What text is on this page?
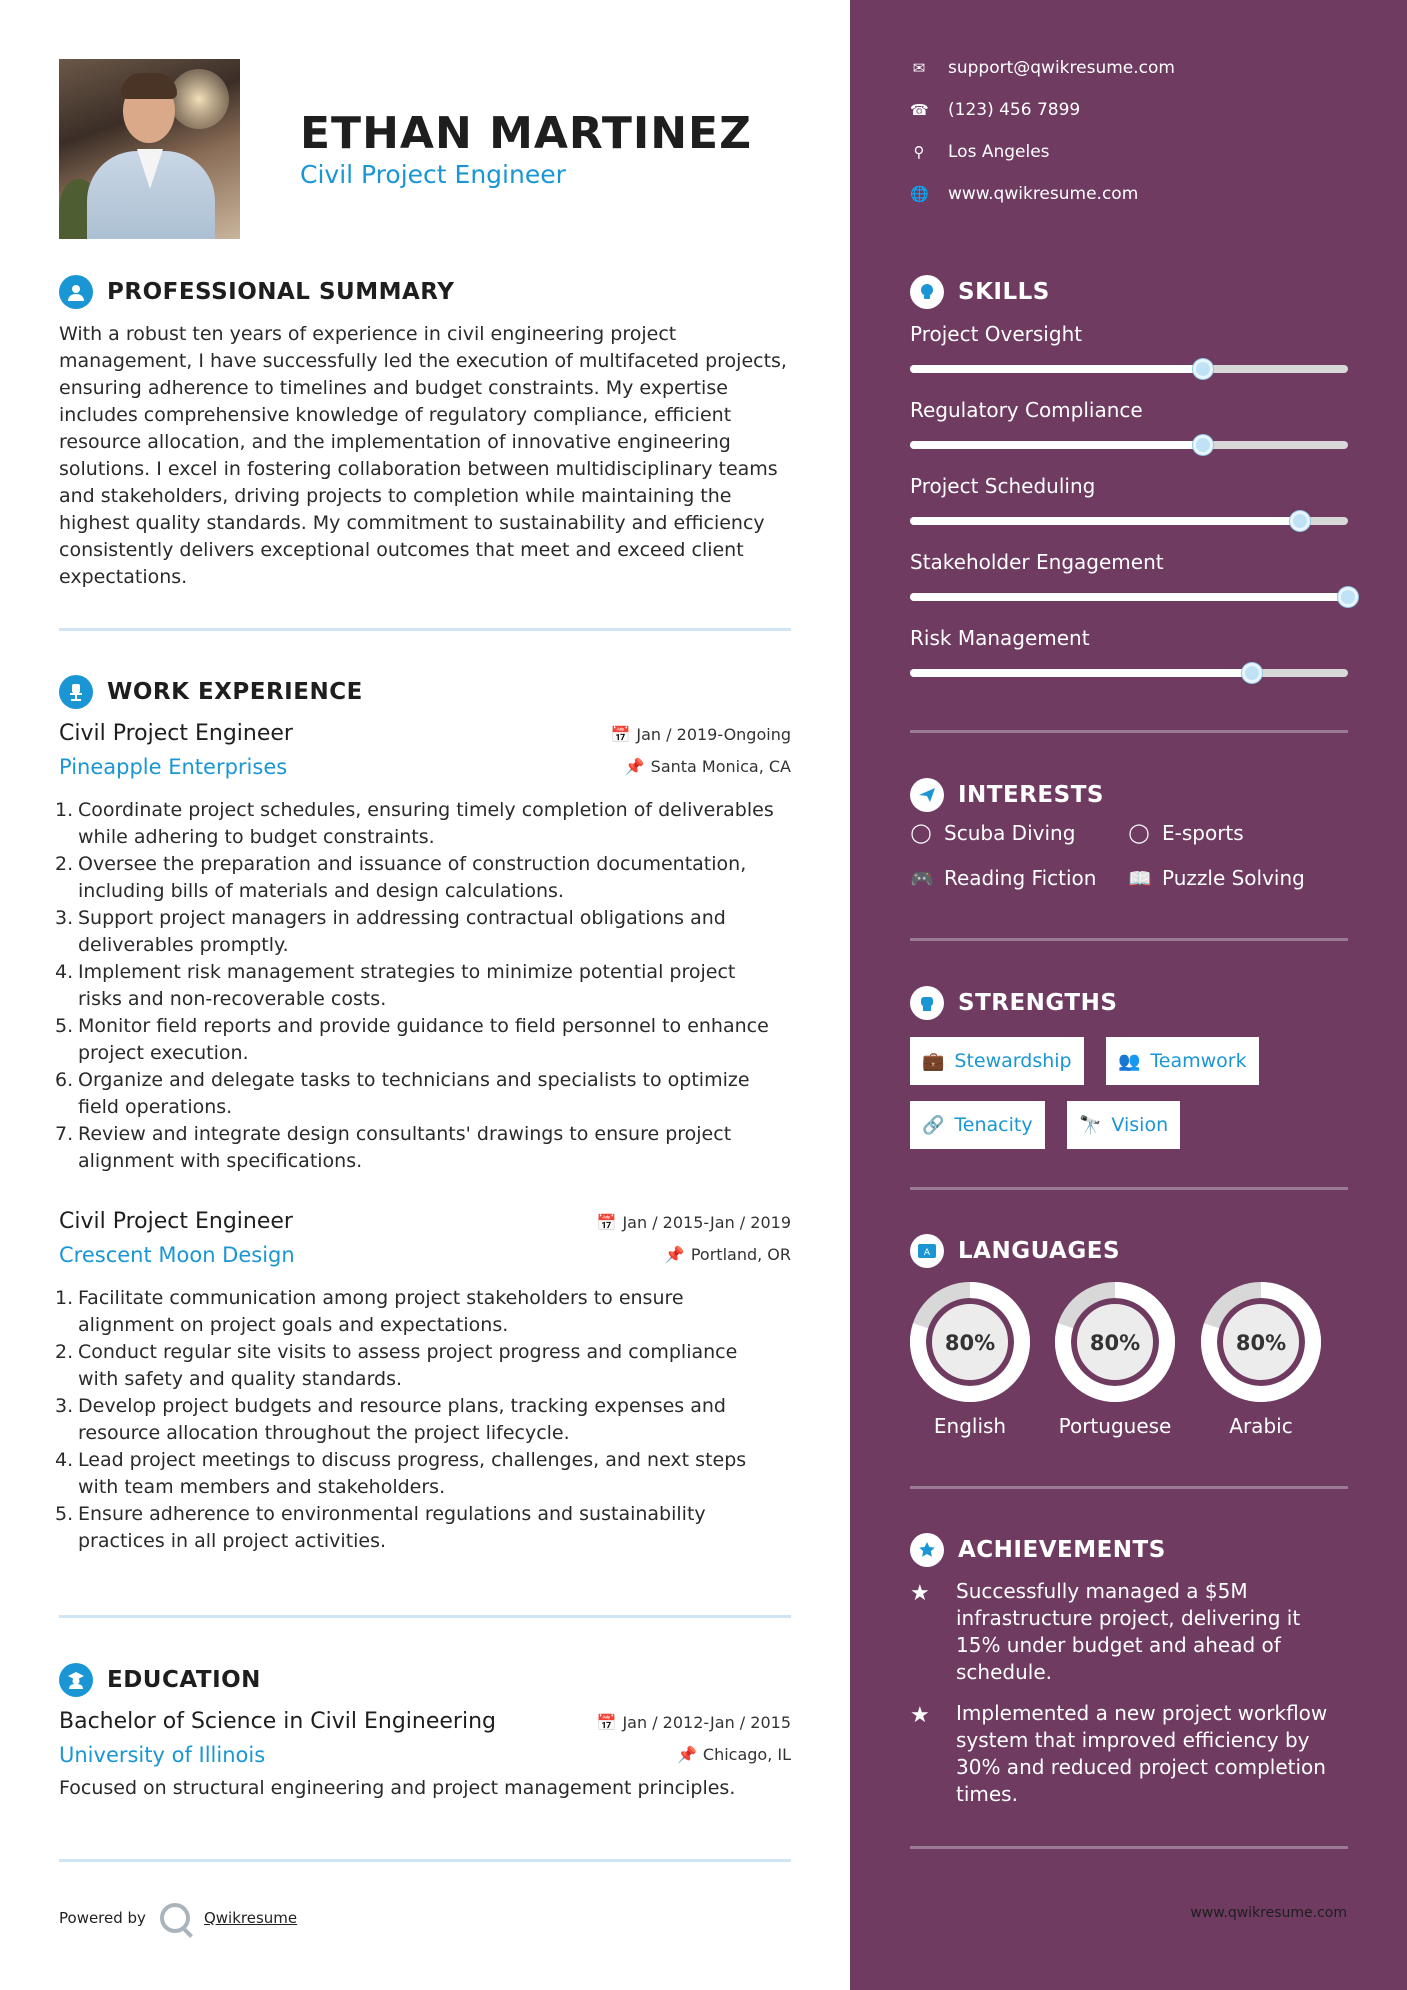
ETHAN MARTINEZ
Civil Project Engineer
PROFESSIONAL SUMMARY
With a robust ten years of experience in civil engineering project management, I have successfully led the execution of multifaceted projects, ensuring adherence to timelines and budget constraints. My expertise includes comprehensive knowledge of regulatory compliance, efficient resource allocation, and the implementation of innovative engineering solutions. I excel in fostering collaboration between multidisciplinary teams and stakeholders, driving projects to completion while maintaining the highest quality standards. My commitment to sustainability and efficiency consistently delivers exceptional outcomes that meet and exceed client expectations.
WORK EXPERIENCE
Civil Project Engineer
Pineapple Enterprises
📅 Jan / 2019-Ongoing
📌 Santa Monica, CA
1. Coordinate project schedules, ensuring timely completion of deliverables
while adhering to budget constraints.
2. Oversee the preparation and issuance of construction documentation,
including bills of materials and design calculations.
3. Support project managers in addressing contractual obligations and
deliverables promptly.
4. Implement risk management strategies to minimize potential project
risks and non-recoverable costs.
5. Monitor field reports and provide guidance to field personnel to enhance
project execution.
6. Organize and delegate tasks to technicians and specialists to optimize
field operations.
7. Review and integrate design consultants' drawings to ensure project
alignment with specifications.
Civil Project Engineer
Crescent Moon Design
📅 Jan / 2015-Jan / 2019
📌 Portland, OR
1. Facilitate communication among project stakeholders to ensure
alignment on project goals and expectations.
2. Conduct regular site visits to assess project progress and compliance
with safety and quality standards.
3. Develop project budgets and resource plans, tracking expenses and
resource allocation throughout the project lifecycle.
4. Lead project meetings to discuss progress, challenges, and next steps
with team members and stakeholders.
5. Ensure adherence to environmental regulations and sustainability
practices in all project activities.
EDUCATION
Bachelor of Science in Civil Engineering
University of Illinois
📅 Jan / 2012-Jan / 2015
📌 Chicago, IL
Focused on structural engineering and project management principles.
Powered by	Qwikresume
✉ support@qwikresume.com
☎ (123) 456 7899
⚲ Los Angeles
🌐 www.qwikresume.com
SKILLS
Project Oversight
Regulatory Compliance
Project Scheduling
Stakeholder Engagement
Risk Management
INTERESTS
◯ Scuba Diving	◯ E-sports
🎮 Reading Fiction 📖 Puzzle Solving
STRENGTHS
💼 Stewardship	👥 Teamwork
🔗 Tenacity	🔭 Vision
A LANGUAGES
80%
English
80%
Portuguese
80%
Arabic
ACHIEVEMENTS
★	Successfully managed a $5M
infrastructure project, delivering it
15% under budget and ahead of
schedule.
★	Implemented a new project workflow
system that improved efficiency by
30% and reduced project completion
times.
www.qwikresume.com
